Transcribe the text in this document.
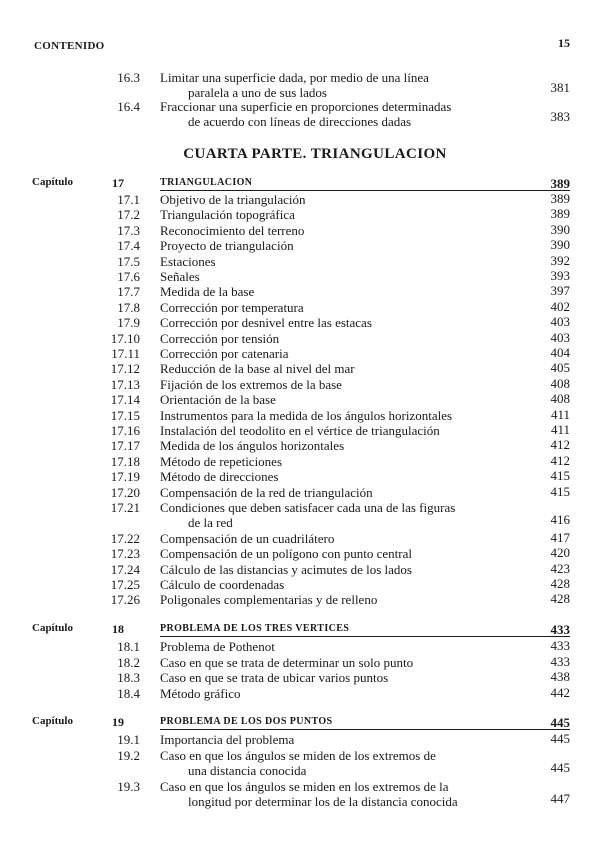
CONTENIDO	15
16.3 Limitar una superficie dada, por medio de una línea
paralela a uno de sus lados	381
16.4 Fraccionar una superficie en proporciones determinadas
de acuerdo con líneas de direcciones dadas	383
CUARTA PARTE. TRIANGULACION
Capítulo	17	TRIANGULACION	389
17.1 Objetivo de la triangulación	389
17.2 Triangulación topográfica	389
17.3 Reconocimiento del terreno	390
17.4 Proyecto de triangulación	390
17.5 Estaciones	392
17.6 Señales	393
17.7 Medida de la base	397
17.8 Corrección por temperatura	402
17.9 Corrección por desnivel entre las estacas	403
17.10 Corrección por tensión	403
17.11 Corrección por catenaria	404
17.12 Reducción de la base al nivel del mar	405
17.13 Fijación de los extremos de la base	408
17.14 Orientación de la base	408
17.15 Instrumentos para la medida de los ángulos horizontales	411
17.16 Instalación del teodolito en el vértice de triangulación	411
17.17 Medida de los ángulos horizontales	412
17.18 Método de repeticiones	412
17.19 Método de direcciones	415
17.20 Compensación de la red de triangulación	415
17.21 Condiciones que deben satisfacer cada una de las figuras
de la red	416
17.22 Compensación de un cuadrilátero	417
17.23 Compensación de un polígono con punto central	420
17.24 Cálculo de las distancias y acimutes de los lados	423
17.25 Cálculo de coordenadas	428
17.26 Poligonales complementarias y de relleno	428
Capítulo	18	PROBLEMA DE LOS TRES VERTICES	433
18.1 Problema de Pothenot	433
18.2 Caso en que se trata de determinar un solo punto	433
18.3 Caso en que se trata de ubicar varios puntos	438
18.4 Método gráfico	442
Capítulo	19	PROBLEMA DE LOS DOS PUNTOS	445
19.1 Importancia del problema	445
19.2 Caso en que los ángulos se miden de los extremos de
una distancia conocida	445
19.3 Caso en que los ángulos se miden en los extremos de la
longitud por determinar los de la distancia conocida	447
